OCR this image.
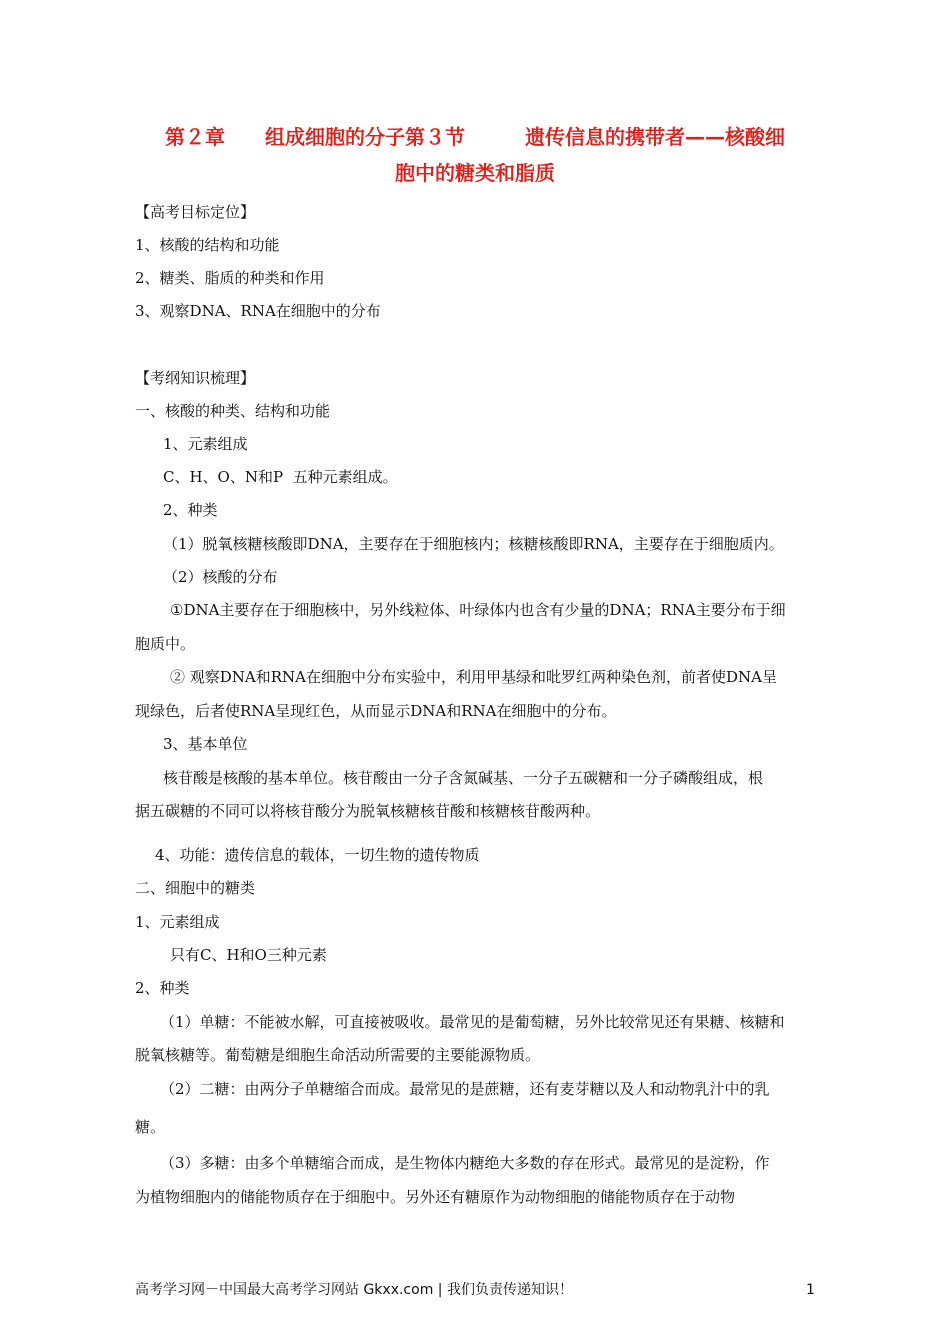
第２章　　组成细胞的分子第３节　　　遗传信息的携带者——核酸细
胞中的糖类和脂质
【高考目标定位】
1、核酸的结构和功能
2、糖类、脂质的种类和作用
3、观察DNA、RNA在细胞中的分布
【考纲知识梳理】
一、核酸的种类、结构和功能
1、元素组成
C、H、O、N和P  五种元素组成。
2、种类
（1）脱氧核糖核酸即DNA，主要存在于细胞核内；核糖核酸即RNA，主要存在于细胞质内。
（2）核酸的分布
①DNA主要存在于细胞核中，另外线粒体、叶绿体内也含有少量的DNA；RNA主要分布于细
胞质中。
② 观察DNA和RNA在细胞中分布实验中，利用甲基绿和吡罗红两种染色剂，前者使DNA呈
现绿色，后者使RNA呈现红色，从而显示DNA和RNA在细胞中的分布。
3、基本单位
核苷酸是核酸的基本单位。核苷酸由一分子含氮碱基、一分子五碳糖和一分子磷酸组成，根
据五碳糖的不同可以将核苷酸分为脱氧核糖核苷酸和核糖核苷酸两种。
4、功能：遗传信息的载体，一切生物的遗传物质
二、细胞中的糖类
1、元素组成
只有C、H和O三种元素
2、种类
（1）单糖：不能被水解，可直接被吸收。最常见的是葡萄糖，另外比较常见还有果糖、核糖和
脱氧核糖等。葡萄糖是细胞生命活动所需要的主要能源物质。
（2）二糖：由两分子单糖缩合而成。最常见的是蔗糖，还有麦芽糖以及人和动物乳汁中的乳
糖。
（3）多糖：由多个单糖缩合而成，是生物体内糖绝大多数的存在形式。最常见的是淀粉，作
为植物细胞内的储能物质存在于细胞中。另外还有糖原作为动物细胞的储能物质存在于动物
高考学习网－中国最大高考学习网站 Gkxx.com | 我们负责传递知识！	1
